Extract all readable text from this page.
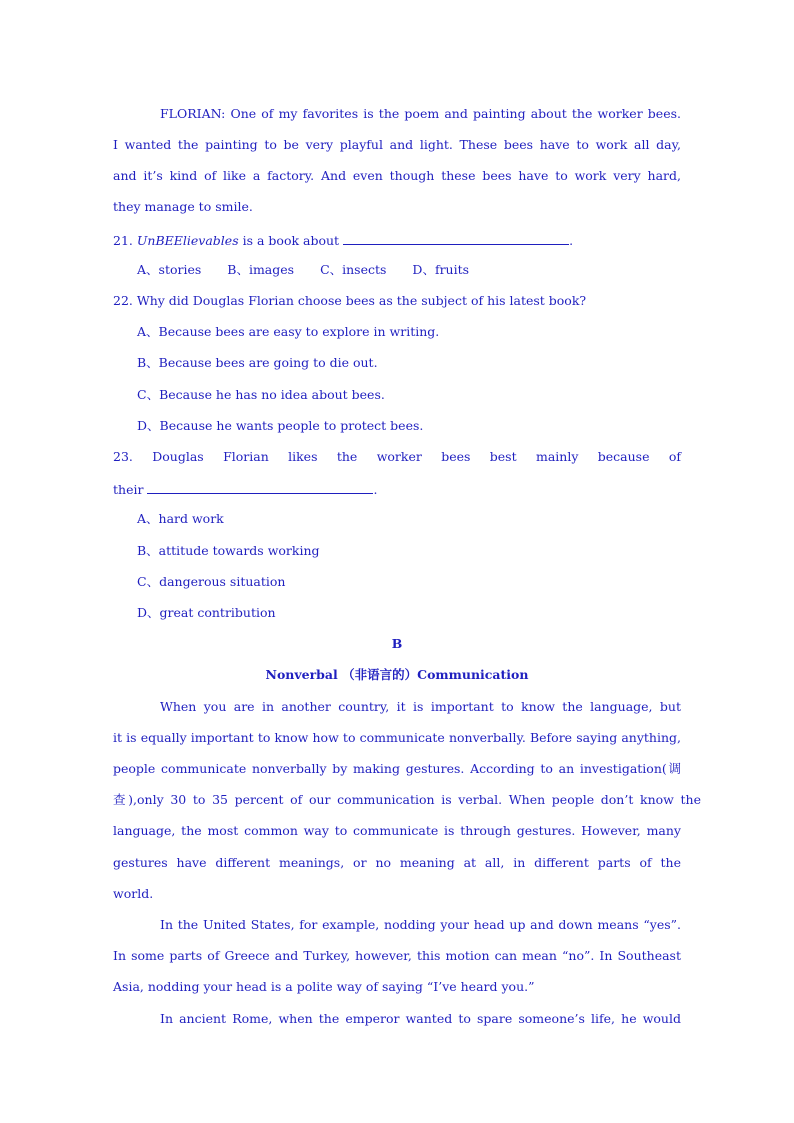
FLORIAN: One of my favorites is the poem and painting about the worker bees.
I wanted the painting to be very playful and light. These bees have to work all day,
and it’s kind of like a factory. And even though these bees have to work very hard,
they manage to smile.
21. UnBEElievables is a book about	.
A、stories B、images C、insects D、fruits
22. Why did Douglas Florian choose bees as the subject of his latest book?
A、Because bees are easy to explore in writing.
B、Because bees are going to die out.
C、Because he has no idea about bees.
D、Because he wants people to protect bees.
23. Douglas Florian likes the worker bees best mainly because of
their	.
A、hard work
B、attitude towards working
C、dangerous situation
D、great contribution
B
Nonverbal （非语言的）Communication
When you are in another country, it is important to know the language, but
it is equally important to know how to communicate nonverbally. Before saying anything,
people communicate nonverbally by making gestures. According to an investigation(调
查),only 30 to 35 percent of our communication is verbal. When people don’t know the
language, the most common way to communicate is through gestures. However, many
gestures have different meanings, or no meaning at all, in different parts of the
world.
In the United States, for example, nodding your head up and down means “yes”.
In some parts of Greece and Turkey, however, this motion can mean “no”. In Southeast
Asia, nodding your head is a polite way of saying “I’ve heard you.”
In ancient Rome, when the emperor wanted to spare someone’s life, he would
